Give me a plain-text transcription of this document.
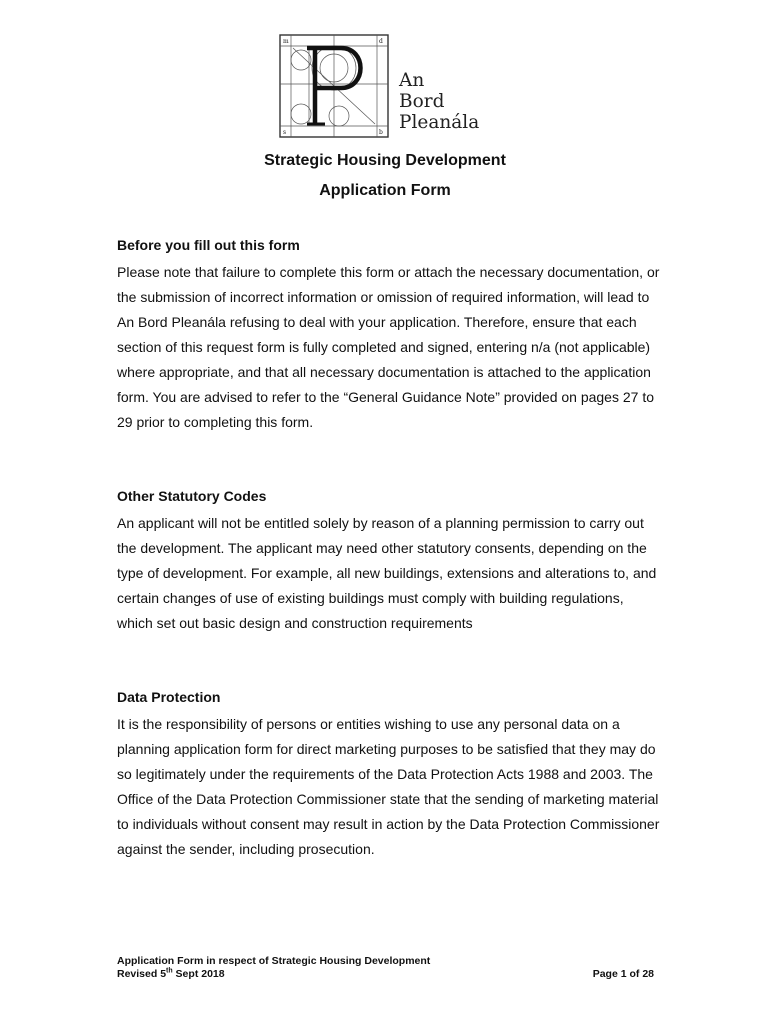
m	d
s	b
An
Bord
Pleanála
Strategic Housing Development
Application Form

Before you fill out this form

Please note that failure to complete this form or attach the necessary documentation, or the submission of incorrect information or omission of required information, will lead to An Bord Pleanála refusing to deal with your application. Therefore, ensure that each section of this request form is fully completed and signed, entering n/a (not applicable) where appropriate, and that all necessary documentation is attached to the application form. You are advised to refer to the “General Guidance Note” provided on pages 27 to 29 prior to completing this form.

Other Statutory Codes

An applicant will not be entitled solely by reason of a planning permission to carry out the development. The applicant may need other statutory consents, depending on the type of development. For example, all new buildings, extensions and alterations to, and certain changes of use of existing buildings must comply with building regulations, which set out basic design and construction requirements

Data Protection

It is the responsibility of persons or entities wishing to use any personal data on a planning application form for direct marketing purposes to be satisfied that they may do so legitimately under the requirements of the Data Protection Acts 1988 and 2003. The Office of the Data Protection Commissioner state that the sending of marketing material to individuals without consent may result in action by the Data Protection Commissioner against the sender, including prosecution.

Application Form in respect of Strategic Housing Development
Revised 5th Sept 2018	Page 1 of 28
